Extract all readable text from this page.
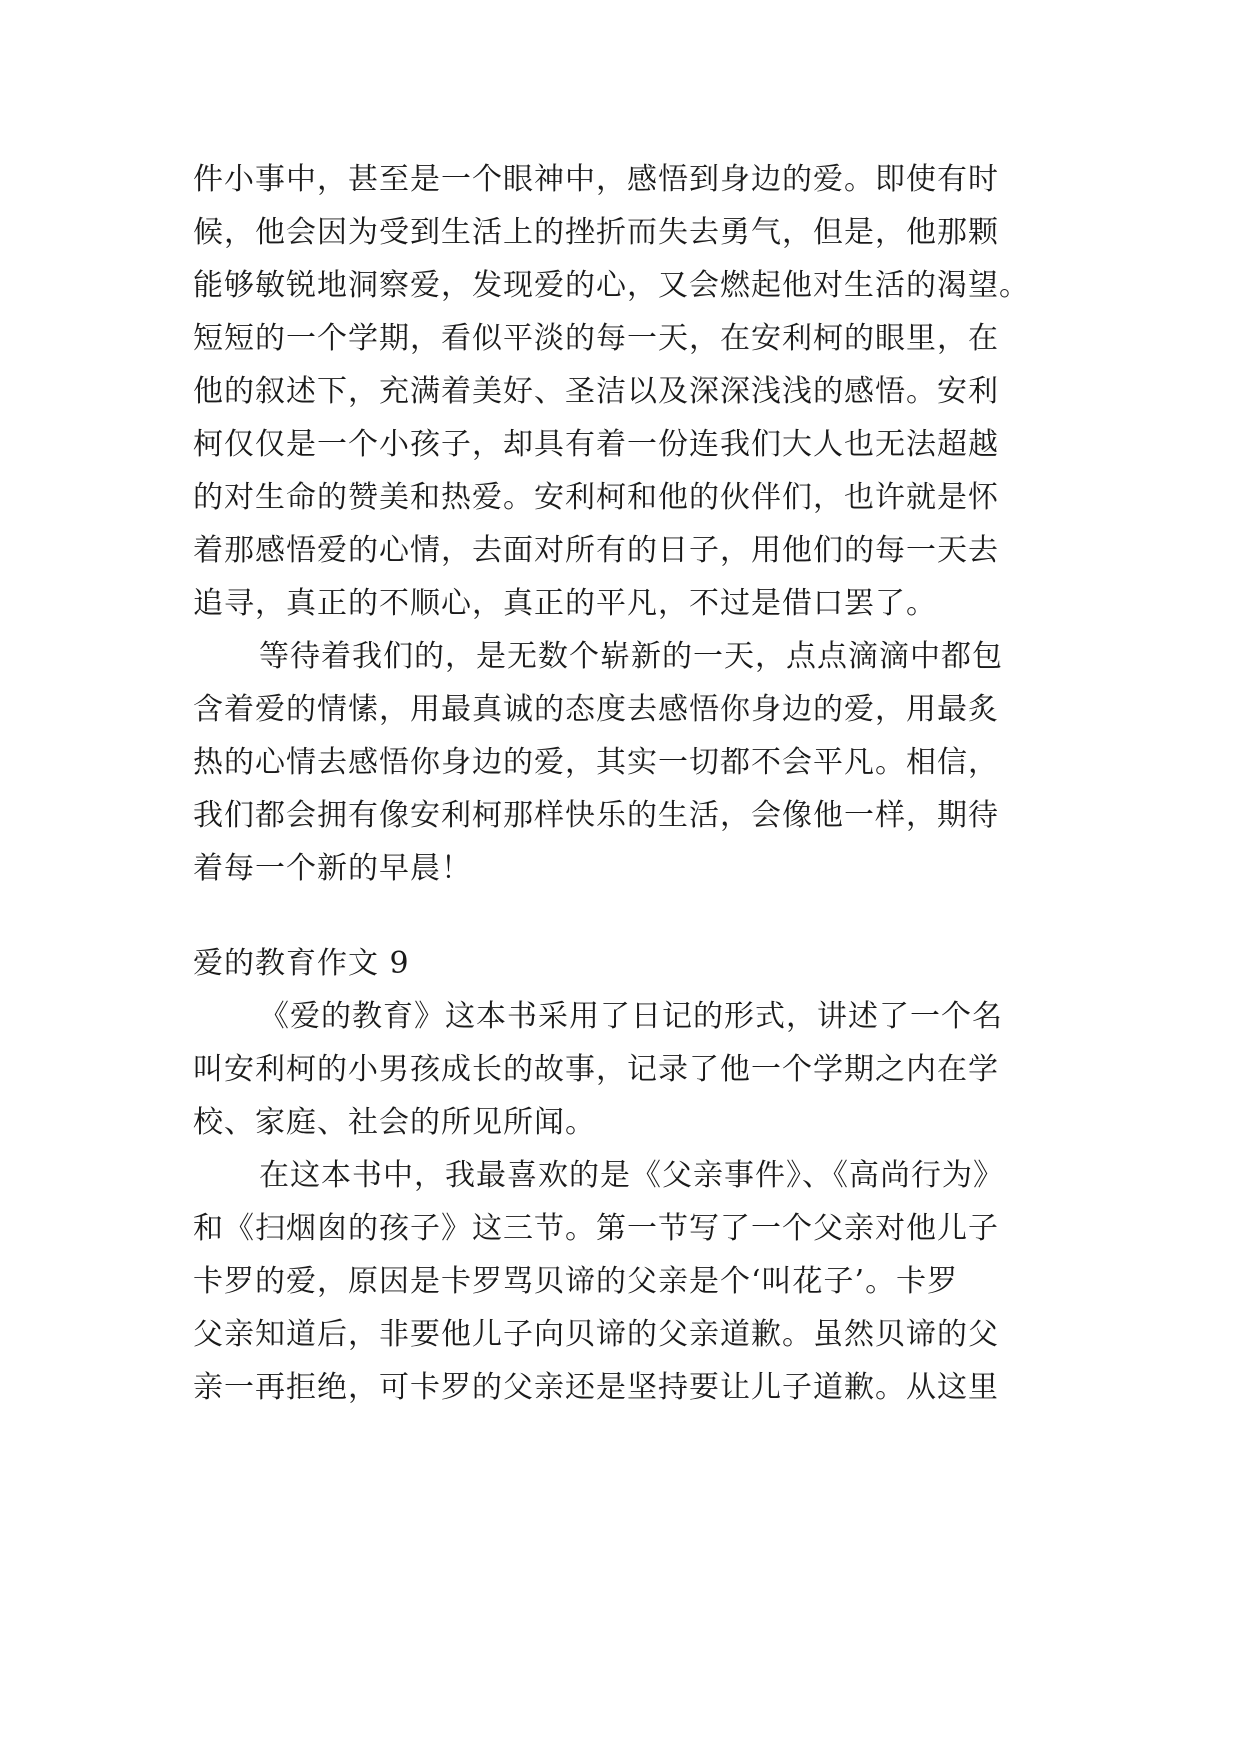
件小事中，甚至是一个眼神中，感悟到身边的爱。即使有时
候，他会因为受到生活上的挫折而失去勇气，但是，他那颗
能够敏锐地洞察爱，发现爱的心，又会燃起他对生活的渴望。
短短的一个学期，看似平淡的每一天，在安利柯的眼里，在
他的叙述下，充满着美好、圣洁以及深深浅浅的感悟。安利
柯仅仅是一个小孩子，却具有着一份连我们大人也无法超越
的对生命的赞美和热爱。安利柯和他的伙伴们，也许就是怀
着那感悟爱的心情，去面对所有的日子，用他们的每一天去
追寻，真正的不顺心，真正的平凡，不过是借口罢了。
等待着我们的，是无数个崭新的一天，点点滴滴中都包
含着爱的情愫，用最真诚的态度去感悟你身边的爱，用最炙
热的心情去感悟你身边的爱，其实一切都不会平凡。相信，
我们都会拥有像安利柯那样快乐的生活，会像他一样，期待
着每一个新的早晨！
爱的教育作文 9
《爱的教育》这本书采用了日记的形式，讲述了一个名
叫安利柯的小男孩成长的故事，记录了他一个学期之内在学
校、家庭、社会的所见所闻。
在这本书中，我最喜欢的是《父亲事件》、《高尚行为》
和《扫烟囱的孩子》这三节。第一节写了一个父亲对他儿子
卡罗的爱，原因是卡罗骂贝谛的父亲是个‘叫花子’。卡罗
父亲知道后，非要他儿子向贝谛的父亲道歉。虽然贝谛的父
亲一再拒绝，可卡罗的父亲还是坚持要让儿子道歉。从这里
